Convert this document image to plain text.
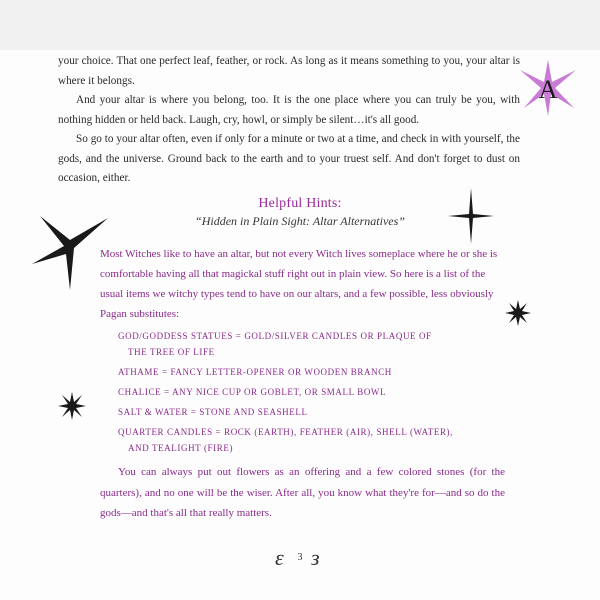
your choice. That one perfect leaf, feather, or rock. As long as it means something to you, your altar is where it belongs.

And your altar is where you belong, too. It is the one place where you can truly be you, with nothing hidden or held back. Laugh, cry, howl, or simply be silent…it's all good.

So go to your altar often, even if only for a minute or two at a time, and check in with yourself, the gods, and the universe. Ground back to the earth and to your truest self. And don't forget to dust on occasion, either.

A
Helpful Hints:
“Hidden in Plain Sight: Altar Alternatives”

Most Witches like to have an altar, but not every Witch lives someplace where he or she is comfortable having all that magickal stuff right out in plain view. So here is a list of the usual items we witchy types tend to have on our altars, and a few possible, less obviously Pagan substitutes:

GOD/GODDESS STATUES = GOLD/SILVER CANDLES OR PLAQUE OF
THE TREE OF LIFE
ATHAME = FANCY LETTER-OPENER OR WOODEN BRANCH
CHALICE = ANY NICE CUP OR GOBLET, OR SMALL BOWL
SALT & WATER = STONE AND SEASHELL
QUARTER CANDLES = ROCK (EARTH), FEATHER (AIR), SHELL (WATER),
AND TEALIGHT (FIRE)

You can always put out flowers as an offering and a few colored stones (for the quarters), and no one will be the wiser. After all, you know what they're for—and so do the gods—and that's all that really matters.

ε з
3
